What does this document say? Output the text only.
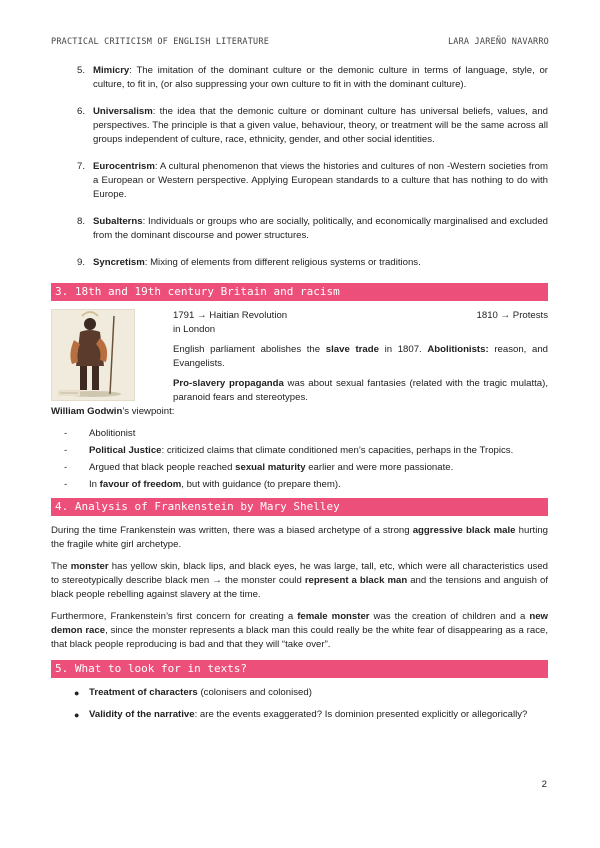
PRACTICAL CRITICISM OF ENGLISH LITERATURE	LARA JAREÑO NAVARRO
5. Mimicry: The imitation of the dominant culture or the demonic culture in terms of language, style, or culture, to fit in, (or also suppressing your own culture to fit in with the dominant culture).
6. Universalism: the idea that the demonic culture or dominant culture has universal beliefs, values, and perspectives. The principle is that a given value, behaviour, theory, or treatment will be the same across all groups independent of culture, race, ethnicity, gender, and other social identities.
7. Eurocentrism: A cultural phenomenon that views the histories and cultures of non -Western societies from a European or Western perspective. Applying European standards to a culture that has nothing to do with Europe.
8. Subalterns: Individuals or groups who are socially, politically, and economically marginalised and excluded from the dominant discourse and power structures.
9. Syncretism: Mixing of elements from different religious systems or traditions.
3. 18th and 19th century Britain and racism
1791 → Haitian Revolution	1810 → Protests

in London

English parliament abolishes the slave trade in 1807. Abolitionists: reason, and Evangelists.

Pro-slavery propaganda was about sexual fantasies (related with the tragic mulatta), paranoid fears and stereotypes.

William Godwin’s viewpoint:
- Abolitionist
- Political Justice: criticized claims that climate conditioned men’s capacities, perhaps in the Tropics.
- Argued that black people reached sexual maturity earlier and were more passionate.
- In favour of freedom, but with guidance (to prepare them).
4. Analysis of Frankenstein by Mary Shelley

During the time Frankenstein was written, there was a biased archetype of a strong aggressive black male hurting the fragile white girl archetype.

The monster has yellow skin, black lips, and black eyes, he was large, tall, etc, which were all characteristics used to stereotypically describe black men → the monster could represent a black man and the tensions and anguish of black people rebelling against slavery at the time.

Furthermore, Frankenstein’s first concern for creating a female monster was the creation of children and a new demon race, since the monster represents a black man this could really be the white fear of disappearing as a race, that black people reproducing is bad and that they will “take over”.

5. What to look for in texts?
● Treatment of characters (colonisers and colonised)
● Validity of the narrative: are the events exaggerated? Is dominion presented explicitly or allegorically?
2
